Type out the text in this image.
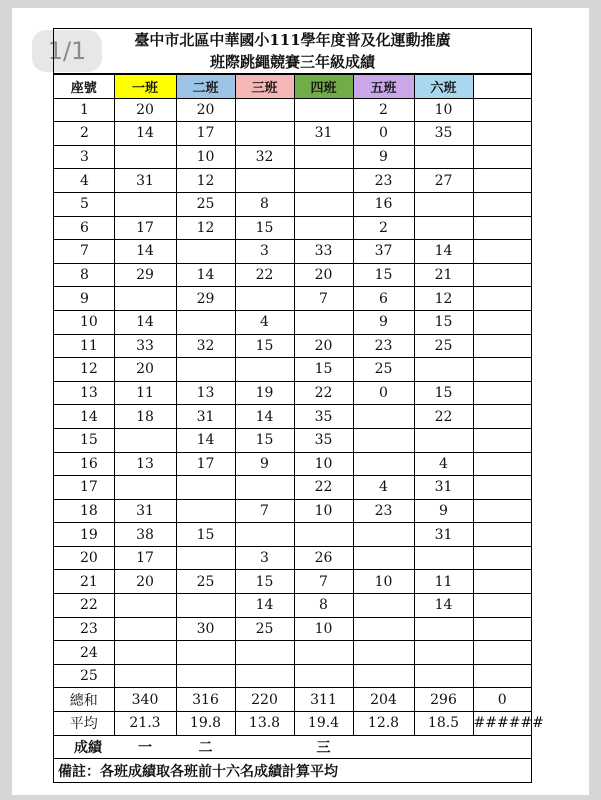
1/1	臺中市北區中華國小111學年度普及化運動推廣
班際跳繩競賽三年級成績
座號	一班	二班	三班	四班	五班	六班	
1	20	20			2	10	
2	14	17		31	0	35	
3		10	32		9		
4	31	12			23	27	
5		25	8		16		
6	17	12	15		2		
7	14		3	33	37	14	
8	29	14	22	20	15	21	
9		29		7	6	12	
10	14		4		9	15	
11	33	32	15	20	23	25	
12	20			15	25		
13	11	13	19	22	0	15	
14	18	31	14	35		22	
15		14	15	35			
16	13	17	9	10		4	
17				22	4	31	
18	31		7	10	23	9	
19	38	15				31	
20	17		3	26			
21	20	25	15	7	10	11	
22			14	8		14	
23		30	25	10			
24							
25							
總和	340	316	220	311	204	296	0
平均	21.3	19.8	13.8	19.4	12.8	18.5	######
成績	一	二		三			
備註：各班成績取各班前十六名成績計算平均							
